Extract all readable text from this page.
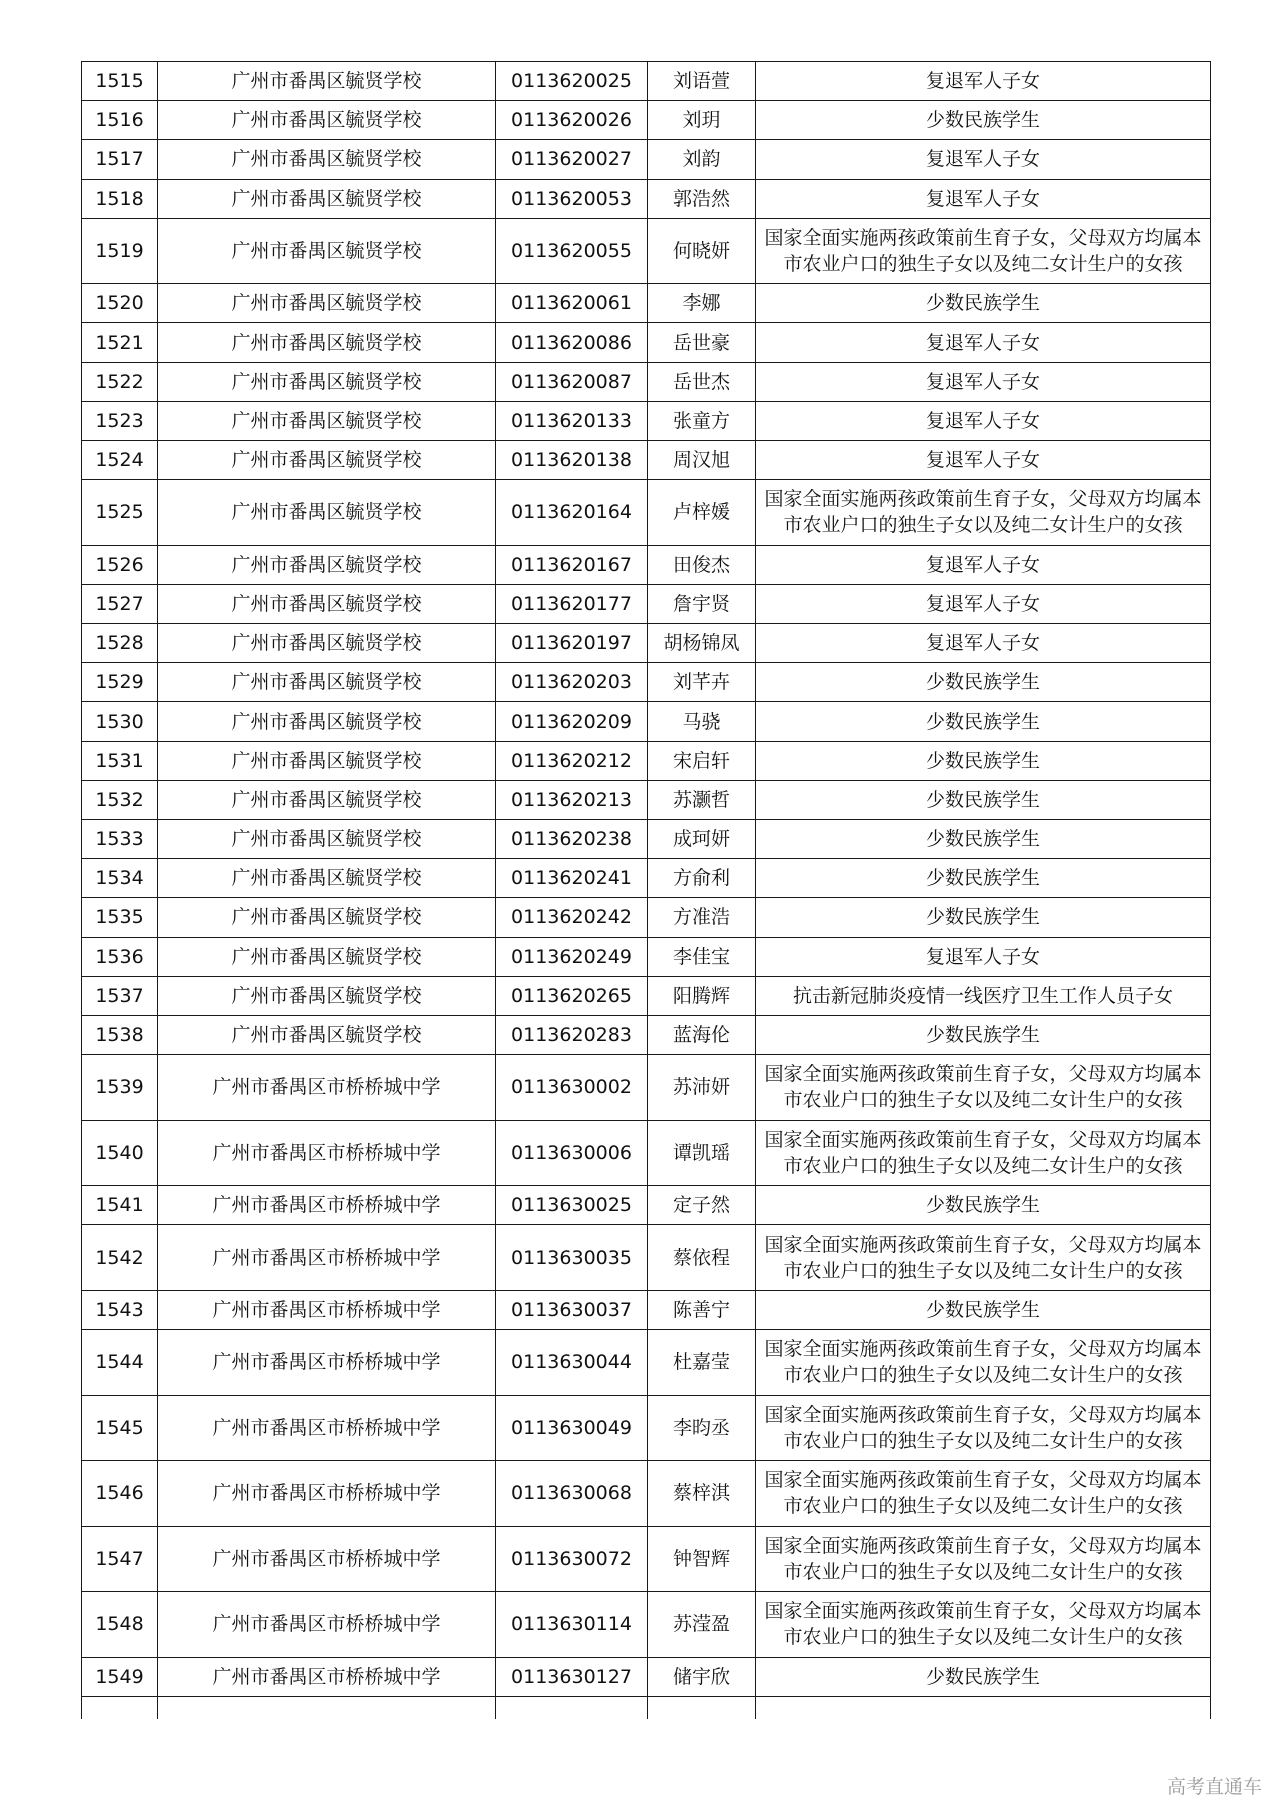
1515	广州市番禺区毓贤学校	0113620025	刘语萱	复退军人子女
1516	广州市番禺区毓贤学校	0113620026	刘玥	少数民族学生
1517	广州市番禺区毓贤学校	0113620027	刘韵	复退军人子女
1518	广州市番禺区毓贤学校	0113620053	郭浩然	复退军人子女
1519	广州市番禺区毓贤学校	0113620055	何晓妍	国家全面实施两孩政策前生育子女，父母双方均属本市农业户口的独生子女以及纯二女计生户的女孩
1520	广州市番禺区毓贤学校	0113620061	李娜	少数民族学生
1521	广州市番禺区毓贤学校	0113620086	岳世豪	复退军人子女
1522	广州市番禺区毓贤学校	0113620087	岳世杰	复退军人子女
1523	广州市番禺区毓贤学校	0113620133	张童方	复退军人子女
1524	广州市番禺区毓贤学校	0113620138	周汉旭	复退军人子女
1525	广州市番禺区毓贤学校	0113620164	卢梓媛	国家全面实施两孩政策前生育子女，父母双方均属本市农业户口的独生子女以及纯二女计生户的女孩
1526	广州市番禺区毓贤学校	0113620167	田俊杰	复退军人子女
1527	广州市番禺区毓贤学校	0113620177	詹宇贤	复退军人子女
1528	广州市番禺区毓贤学校	0113620197	胡杨锦凤	复退军人子女
1529	广州市番禺区毓贤学校	0113620203	刘芊卉	少数民族学生
1530	广州市番禺区毓贤学校	0113620209	马骁	少数民族学生
1531	广州市番禺区毓贤学校	0113620212	宋启轩	少数民族学生
1532	广州市番禺区毓贤学校	0113620213	苏灏哲	少数民族学生
1533	广州市番禺区毓贤学校	0113620238	成珂妍	少数民族学生
1534	广州市番禺区毓贤学校	0113620241	方俞利	少数民族学生
1535	广州市番禺区毓贤学校	0113620242	方准浩	少数民族学生
1536	广州市番禺区毓贤学校	0113620249	李佳宝	复退军人子女
1537	广州市番禺区毓贤学校	0113620265	阳腾辉	抗击新冠肺炎疫情一线医疗卫生工作人员子女
1538	广州市番禺区毓贤学校	0113620283	蓝海伦	少数民族学生
1539	广州市番禺区市桥桥城中学	0113630002	苏沛妍	国家全面实施两孩政策前生育子女，父母双方均属本市农业户口的独生子女以及纯二女计生户的女孩
1540	广州市番禺区市桥桥城中学	0113630006	谭凯瑶	国家全面实施两孩政策前生育子女，父母双方均属本市农业户口的独生子女以及纯二女计生户的女孩
1541	广州市番禺区市桥桥城中学	0113630025	定子然	少数民族学生
1542	广州市番禺区市桥桥城中学	0113630035	蔡依程	国家全面实施两孩政策前生育子女，父母双方均属本市农业户口的独生子女以及纯二女计生户的女孩
1543	广州市番禺区市桥桥城中学	0113630037	陈善宁	少数民族学生
1544	广州市番禺区市桥桥城中学	0113630044	杜嘉莹	国家全面实施两孩政策前生育子女，父母双方均属本市农业户口的独生子女以及纯二女计生户的女孩
1545	广州市番禺区市桥桥城中学	0113630049	李昀丞	国家全面实施两孩政策前生育子女，父母双方均属本市农业户口的独生子女以及纯二女计生户的女孩
1546	广州市番禺区市桥桥城中学	0113630068	蔡梓淇	国家全面实施两孩政策前生育子女，父母双方均属本市农业户口的独生子女以及纯二女计生户的女孩
1547	广州市番禺区市桥桥城中学	0113630072	钟智辉	国家全面实施两孩政策前生育子女，父母双方均属本市农业户口的独生子女以及纯二女计生户的女孩
1548	广州市番禺区市桥桥城中学	0113630114	苏滢盈	国家全面实施两孩政策前生育子女，父母双方均属本市农业户口的独生子女以及纯二女计生户的女孩
1549	广州市番禺区市桥桥城中学	0113630127	储宇欣	少数民族学生

高考直通车
